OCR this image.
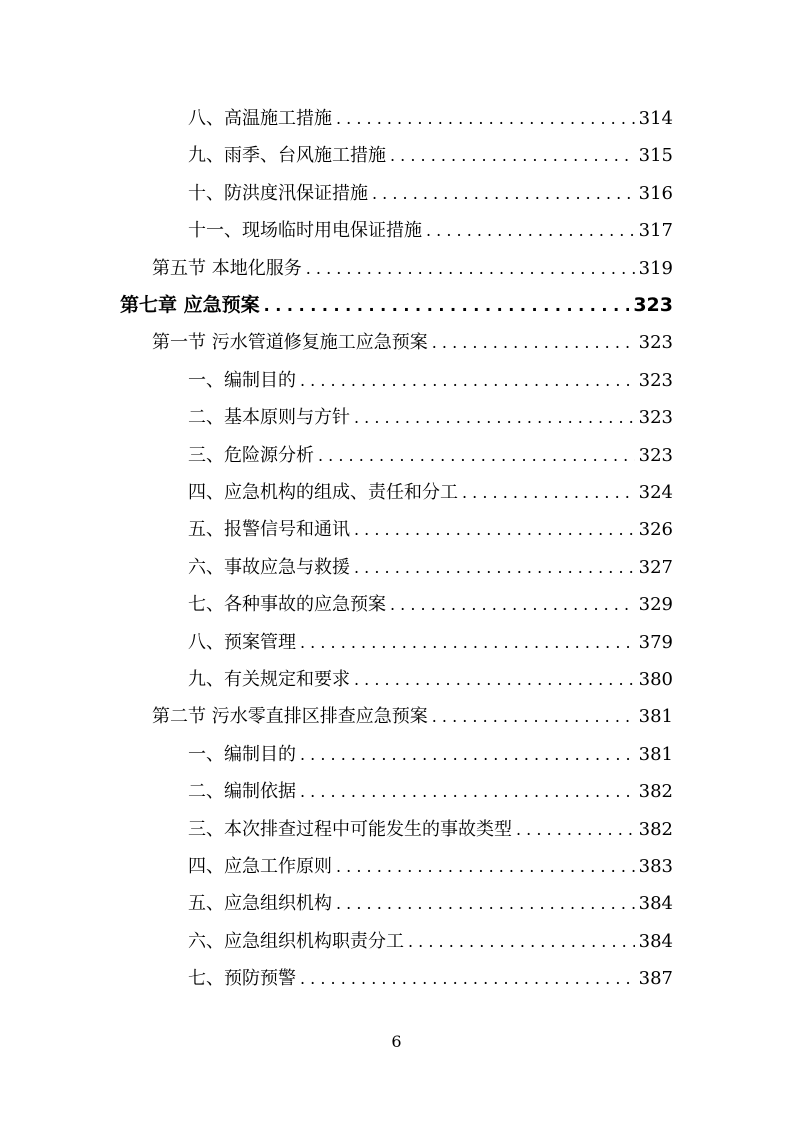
八、高温施工措施 . . .	314
九、雨季、台风施工措施 . . .	315
十、防洪度汛保证措施 . . .	316
十一、现场临时用电保证措施 . . .	317
第五节 本地化服务 . . .	319
第七章 应急预案 . . .	323
第一节 污水管道修复施工应急预案 . . .	323
一、编制目的 . . .	323
二、基本原则与方针 . . .	323
三、危险源分析 . . .	323
四、应急机构的组成、责任和分工 . . .	324
五、报警信号和通讯 . . .	326
六、事故应急与救援 . . .	327
七、各种事故的应急预案 . . .	329
八、预案管理 . . .	379
九、有关规定和要求 . . .	380
第二节 污水零直排区排查应急预案 . . .	381
一、编制目的 . . .	381
二、编制依据 . . .	382
三、本次排查过程中可能发生的事故类型 . . .	382
四、应急工作原则 . . .	383
五、应急组织机构 . . .	384
六、应急组织机构职责分工 . . .	384
七、预防预警 . . .	387
6
